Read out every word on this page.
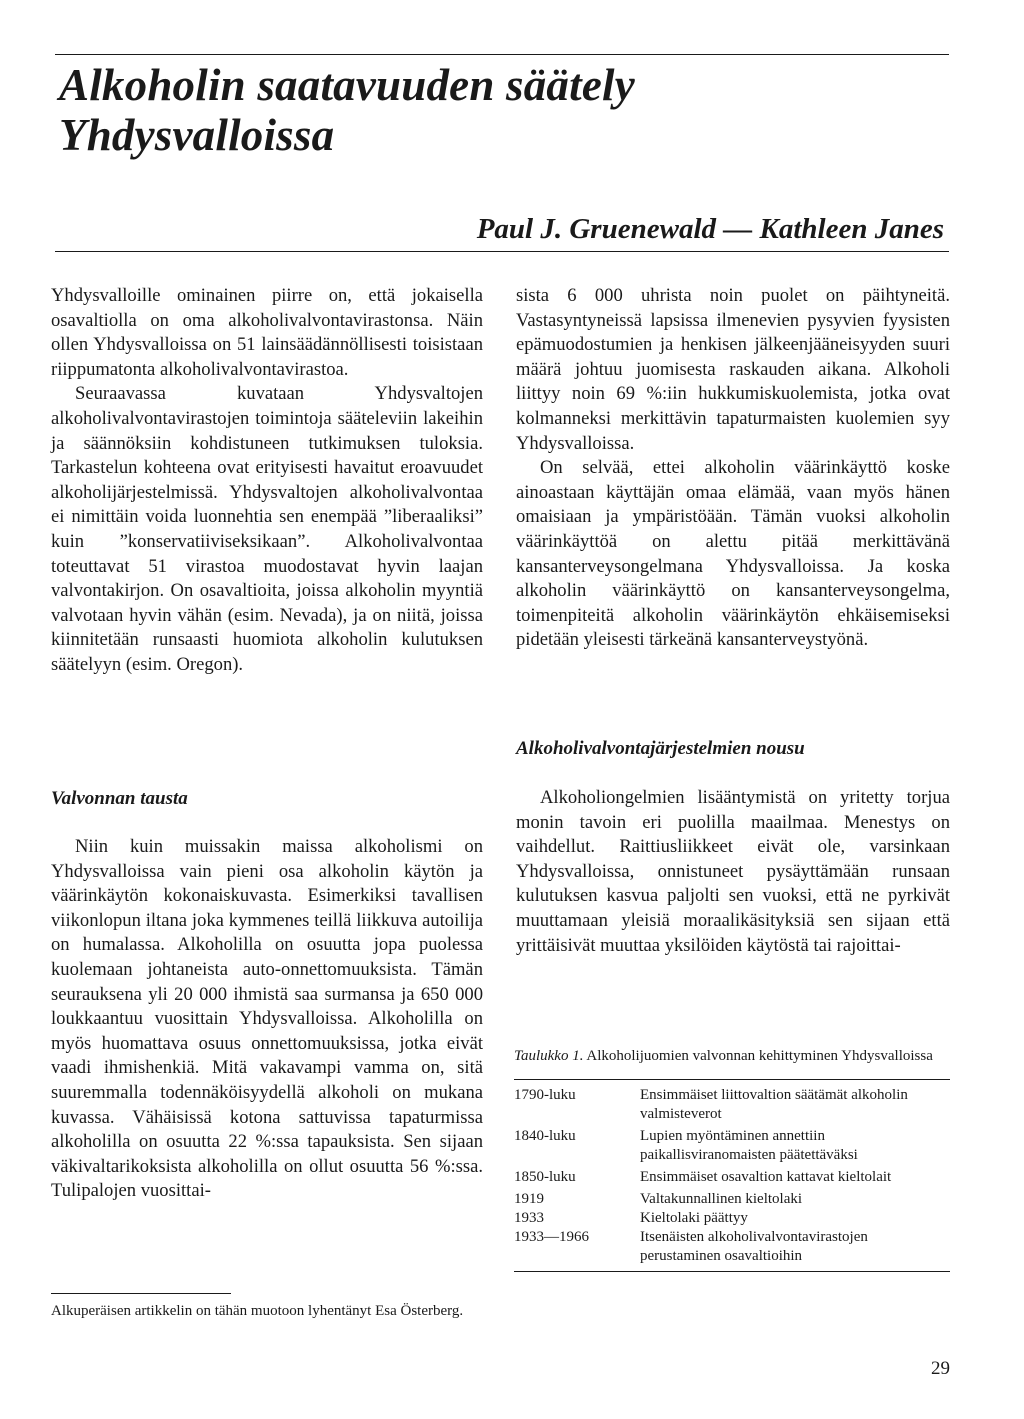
Alkoholin saatavuuden säätely
Yhdysvalloissa
Paul J. Gruenewald — Kathleen Janes

Yhdysvalloille ominainen piirre on, että jokaisella osavaltiolla on oma alkoholivalvontavirastonsa. Näin ollen Yhdysvalloissa on 51 lainsäädännöllisesti toisistaan riippumatonta alkoholivalvontavirastoa.

Seuraavassa kuvataan Yhdysvaltojen alkoholivalvontavirastojen toimintoja sääteleviin lakeihin ja säännöksiin kohdistuneen tutkimuksen tuloksia. Tarkastelun kohteena ovat erityisesti havaitut eroavuudet alkoholijärjestelmissä. Yhdysvaltojen alkoholivalvontaa ei nimittäin voida luonnehtia sen enempää ”liberaaliksi” kuin ”konservatiiviseksikaan”. Alkoholivalvontaa toteuttavat 51 virastoa muodostavat hyvin laajan valvontakirjon. On osavaltioita, joissa alkoholin myyntiä valvotaan hyvin vähän (esim. Nevada), ja on niitä, joissa kiinnitetään runsaasti huomiota alkoholin kulutuksen säätelyyn (esim. Oregon).

Valvonnan tausta

Niin kuin muissakin maissa alkoholismi on Yhdysvalloissa vain pieni osa alkoholin käytön ja väärinkäytön kokonaiskuvasta. Esimerkiksi tavallisen viikonlopun iltana joka kymmenes teillä liikkuva autoilija on humalassa. Alkoholilla on osuutta jopa puolessa kuolemaan johtaneista auto-onnettomuuksista. Tämän seurauksena yli 20 000 ihmistä saa surmansa ja 650 000 loukkaantuu vuosittain Yhdysvalloissa. Alkoholilla on myös huomattava osuus onnettomuuksissa, jotka eivät vaadi ihmishenkiä. Mitä vakavampi vamma on, sitä suuremmalla todennäköisyydellä alkoholi on mukana kuvassa. Vähäisissä kotona sattuvissa tapaturmissa alkoholilla on osuutta 22 %:ssa tapauksista. Sen sijaan väkivaltarikoksista alkoholilla on ollut osuutta 56 %:ssa. Tulipalojen vuosittai-

Alkuperäisen artikkelin on tähän muotoon lyhentänyt Esa Österberg.

sista 6 000 uhrista noin puolet on päihtyneitä. Vastasyntyneissä lapsissa ilmenevien pysyvien fyysisten epämuodostumien ja henkisen jälkeenjääneisyyden suuri määrä johtuu juomisesta raskauden aikana. Alkoholi liittyy noin 69 %:iin hukkumiskuolemista, jotka ovat kolmanneksi merkittävin tapaturmaisten kuolemien syy Yhdysvalloissa.

On selvää, ettei alkoholin väärinkäyttö koske ainoastaan käyttäjän omaa elämää, vaan myös hänen omaisiaan ja ympäristöään. Tämän vuoksi alkoholin väärinkäyttöä on alettu pitää merkittävänä kansanterveysongelmana Yhdysvalloissa. Ja koska alkoholin väärinkäyttö on kansanterveysongelma, toimenpiteitä alkoholin väärinkäytön ehkäisemiseksi pidetään yleisesti tärkeänä kansanterveystyönä.

Alkoholivalvontajärjestelmien nousu

Alkoholiongelmien lisääntymistä on yritetty torjua monin tavoin eri puolilla maailmaa. Menestys on vaihdellut. Raittiusliikkeet eivät ole, varsinkaan Yhdysvalloissa, onnistuneet pysäyttämään runsaan kulutuksen kasvua paljolti sen vuoksi, että ne pyrkivät muuttamaan yleisiä moraalikäsityksiä sen sijaan että yrittäisivät muuttaa yksilöiden käytöstä tai rajoittai-

Taulukko 1. Alkoholijuomien valvonnan kehittyminen Yhdysvalloissa

1790-luku	Ensimmäiset liittovaltion säätämät alkoholin valmisteverot
1840-luku	Lupien myöntäminen annettiin paikallisviranomaisten päätettäväksi
1850-luku	Ensimmäiset osavaltion kattavat kieltolait
1919	Valtakunnallinen kieltolaki
1933	Kieltolaki päättyy
1933—1966	Itsenäisten alkoholivalvontavirastojen perustaminen osavaltioihin
29
